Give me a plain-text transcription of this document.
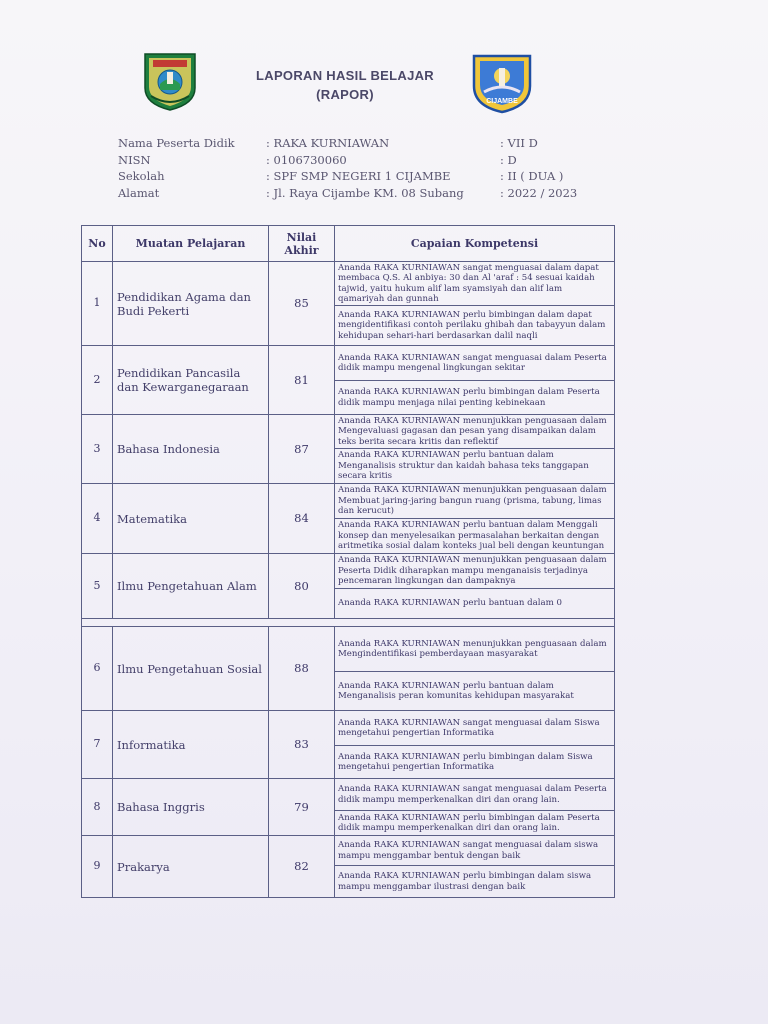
LAPORAN HASIL BELAJAR
(RAPOR)	CIJAMBE
Nama Peserta Didik	: RAKA KURNIAWAN	: VII D
NISN	: 0106730060	: D
Sekolah	: SPF SMP NEGERI 1 CIJAMBE	: II ( DUA )
Alamat	: Jl. Raya Cijambe KM. 08 Subang	: 2022 / 2023
No	Muatan Pelajaran	Nilai Akhir	Capaian Kompetensi
1	Pendidikan Agama dan Budi Pekerti	85	Ananda RAKA KURNIAWAN sangat menguasai dalam dapat membaca Q.S. Al anbiya: 30 dan Al 'araf : 54 sesuai kaidah tajwid, yaitu hukum alif lam syamsiyah dan alif lam qamariyah dan gunnah
			Ananda RAKA KURNIAWAN perlu bimbingan dalam dapat mengidentifikasi contoh perilaku ghibah dan tabayyun dalam kehidupan sehari-hari berdasarkan dalil naqli
2	Pendidikan Pancasila dan Kewarganegaraan	81	Ananda RAKA KURNIAWAN sangat menguasai dalam Peserta didik mampu mengenal lingkungan sekitar
			Ananda RAKA KURNIAWAN perlu bimbingan dalam Peserta didik mampu menjaga nilai penting kebinekaan
3	Bahasa Indonesia	87	Ananda RAKA KURNIAWAN menunjukkan penguasaan dalam Mengevaluasi gagasan dan pesan yang disampaikan dalam teks berita secara kritis dan reflektif
			Ananda RAKA KURNIAWAN perlu bantuan dalam Menganalisis struktur dan kaidah bahasa teks tanggapan secara kritis
4	Matematika	84	Ananda RAKA KURNIAWAN menunjukkan penguasaan dalam Membuat jaring-jaring bangun ruang (prisma, tabung, limas dan kerucut)
			Ananda RAKA KURNIAWAN perlu bantuan dalam Menggali konsep dan menyelesaikan permasalahan berkaitan dengan aritmetika sosial dalam konteks jual beli dengan keuntungan
5	Ilmu Pengetahuan Alam	80	Ananda RAKA KURNIAWAN menunjukkan penguasaan dalam Peserta Didik diharapkan mampu menganaisis terjadinya pencemaran lingkungan dan dampaknya
			Ananda RAKA KURNIAWAN perlu bantuan dalam 0

6	Ilmu Pengetahuan Sosial	88	Ananda RAKA KURNIAWAN menunjukkan penguasaan dalam Mengindentifikasi pemberdayaan masyarakat
			Ananda RAKA KURNIAWAN perlu bantuan dalam Menganalisis peran komunitas kehidupan masyarakat
7	Informatika	83	Ananda RAKA KURNIAWAN sangat menguasai dalam Siswa mengetahui pengertian Informatika
			Ananda RAKA KURNIAWAN perlu bimbingan dalam Siswa mengetahui pengertian Informatika
8	Bahasa Inggris	79	Ananda RAKA KURNIAWAN sangat menguasai dalam Peserta didik mampu memperkenalkan diri dan orang lain.
			Ananda RAKA KURNIAWAN perlu bimbingan dalam Peserta didik mampu memperkenalkan diri dan orang lain.
9	Prakarya	82	Ananda RAKA KURNIAWAN sangat menguasai dalam siswa mampu menggambar bentuk dengan baik
			Ananda RAKA KURNIAWAN perlu bimbingan dalam siswa mampu menggambar ilustrasi dengan baik
